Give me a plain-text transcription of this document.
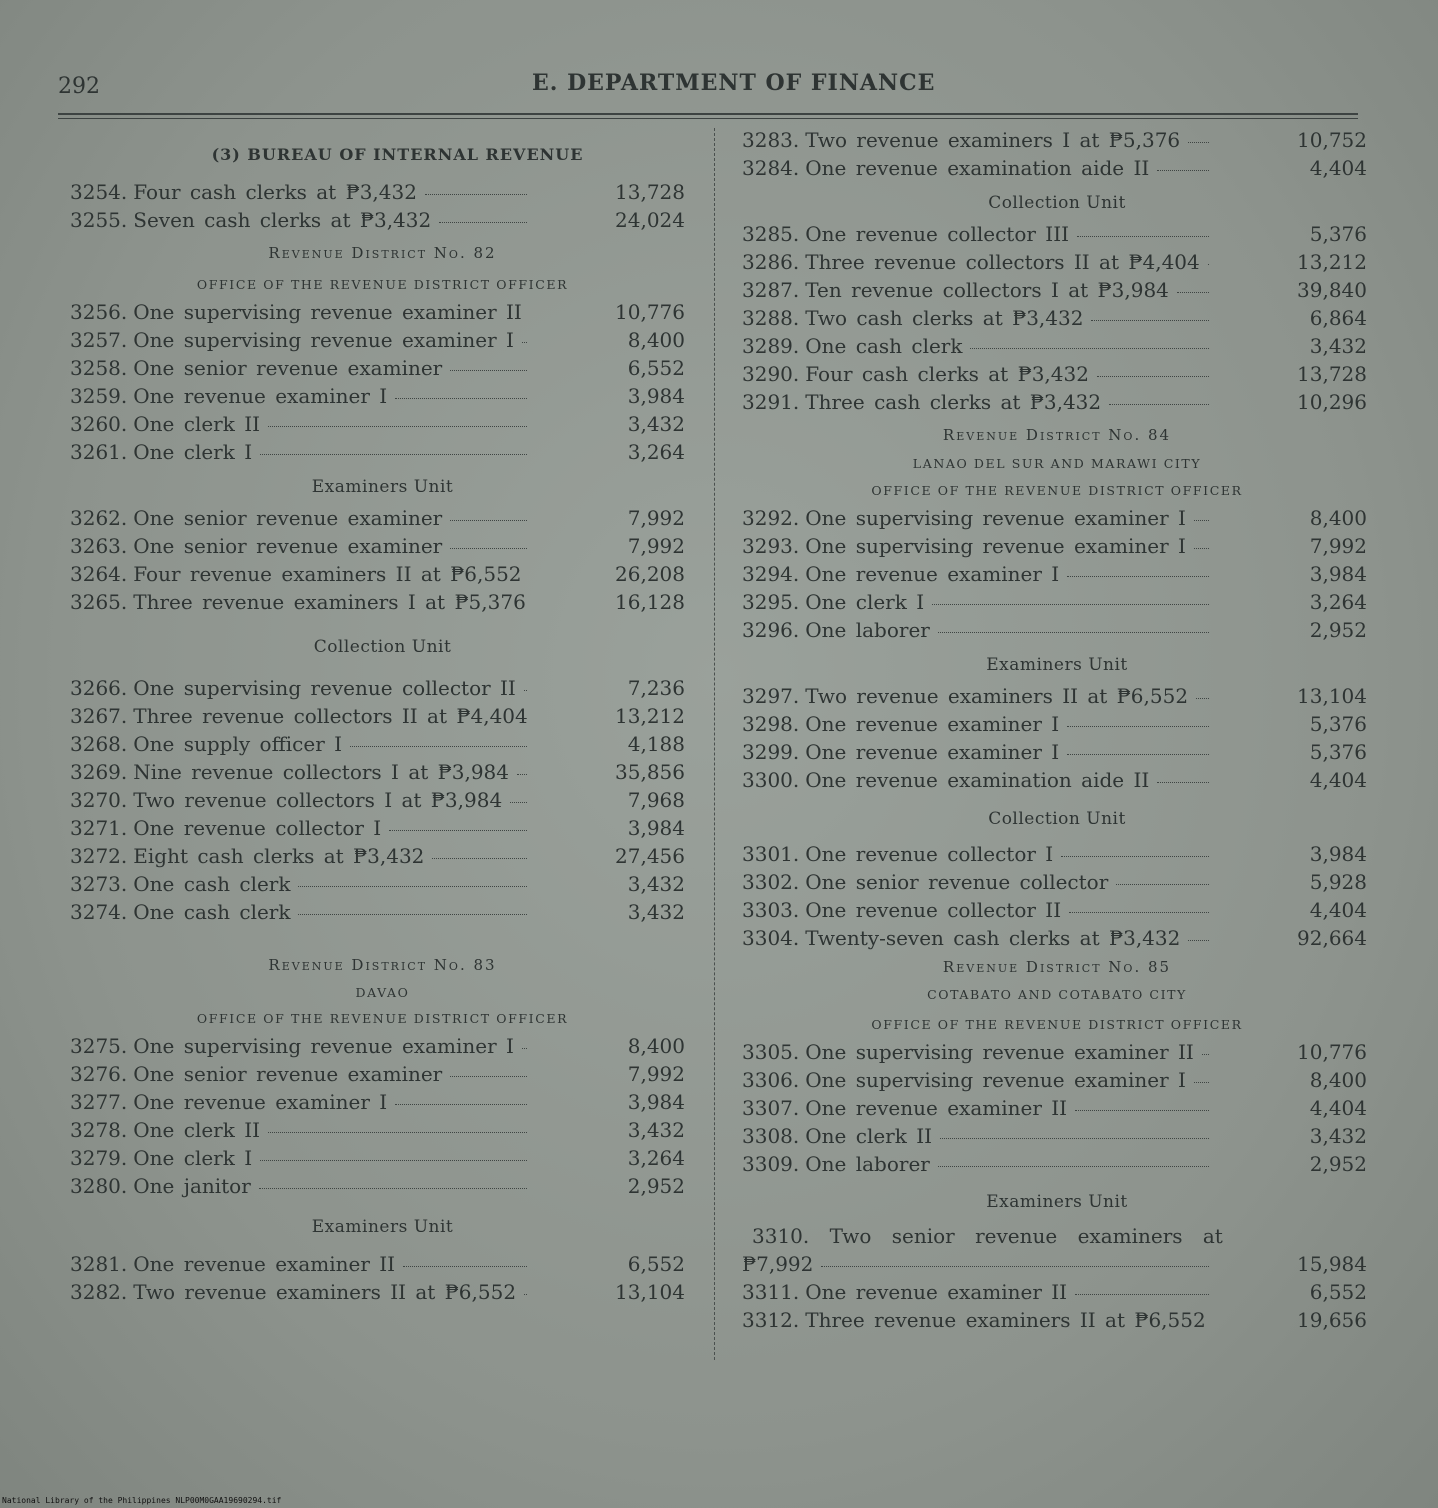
292	E. DEPARTMENT OF FINANCE
(3) BUREAU OF INTERNAL REVENUE
3254. Four cash clerks at ₱3,432	13,728
3255. Seven cash clerks at ₱3,432	24,024
Revenue District No. 82
OFFICE OF THE REVENUE DISTRICT OFFICER
3256. One supervising revenue examiner II	10,776
3257. One supervising revenue examiner I	8,400
3258. One senior revenue examiner	6,552
3259. One revenue examiner I	3,984
3260. One clerk II	3,432
3261. One clerk I	3,264
Examiners Unit
3262. One senior revenue examiner	7,992
3263. One senior revenue examiner	7,992
3264. Four revenue examiners II at ₱6,552	26,208
3265. Three revenue examiners I at ₱5,376	16,128
Collection Unit
3266. One supervising revenue collector II	7,236
3267. Three revenue collectors II at ₱4,404	13,212
3268. One supply officer I	4,188
3269. Nine revenue collectors I at ₱3,984	35,856
3270. Two revenue collectors I at ₱3,984	7,968
3271. One revenue collector I	3,984
3272. Eight cash clerks at ₱3,432	27,456
3273. One cash clerk	3,432
3274. One cash clerk	3,432
Revenue District No. 83
DAVAO
OFFICE OF THE REVENUE DISTRICT OFFICER
3275. One supervising revenue examiner I	8,400
3276. One senior revenue examiner	7,992
3277. One revenue examiner I	3,984
3278. One clerk II	3,432
3279. One clerk I	3,264
3280. One janitor	2,952
Examiners Unit
3281. One revenue examiner II	6,552
3282. Two revenue examiners II at ₱6,552	13,104
3283. Two revenue examiners I at ₱5,376	10,752
3284. One revenue examination aide II	4,404
Collection Unit
3285. One revenue collector III	5,376
3286. Three revenue collectors II at ₱4,404	13,212
3287. Ten revenue collectors I at ₱3,984	39,840
3288. Two cash clerks at ₱3,432	6,864
3289. One cash clerk	3,432
3290. Four cash clerks at ₱3,432	13,728
3291. Three cash clerks at ₱3,432	10,296
Revenue District No. 84
LANAO DEL SUR AND MARAWI CITY
OFFICE OF THE REVENUE DISTRICT OFFICER
3292. One supervising revenue examiner I	8,400
3293. One supervising revenue examiner I	7,992
3294. One revenue examiner I	3,984
3295. One clerk I	3,264
3296. One laborer	2,952
Examiners Unit
3297. Two revenue examiners II at ₱6,552	13,104
3298. One revenue examiner I	5,376
3299. One revenue examiner I	5,376
3300. One revenue examination aide II	4,404
Collection Unit
3301. One revenue collector I	3,984
3302. One senior revenue collector	5,928
3303. One revenue collector II	4,404
3304. Twenty-seven cash clerks at ₱3,432	92,664
Revenue District No. 85
COTABATO AND COTABATO CITY
OFFICE OF THE REVENUE DISTRICT OFFICER
3305. One supervising revenue examiner II	10,776
3306. One supervising revenue examiner I	8,400
3307. One revenue examiner II	4,404
3308. One clerk II	3,432
3309. One laborer	2,952
Examiners Unit
3310. Two senior revenue examiners at
₱7,992	15,984
3311. One revenue examiner II	6,552
3312. Three revenue examiners II at ₱6,552	19,656
National Library of the Philippines NLP00M0GAA19690294.tif
